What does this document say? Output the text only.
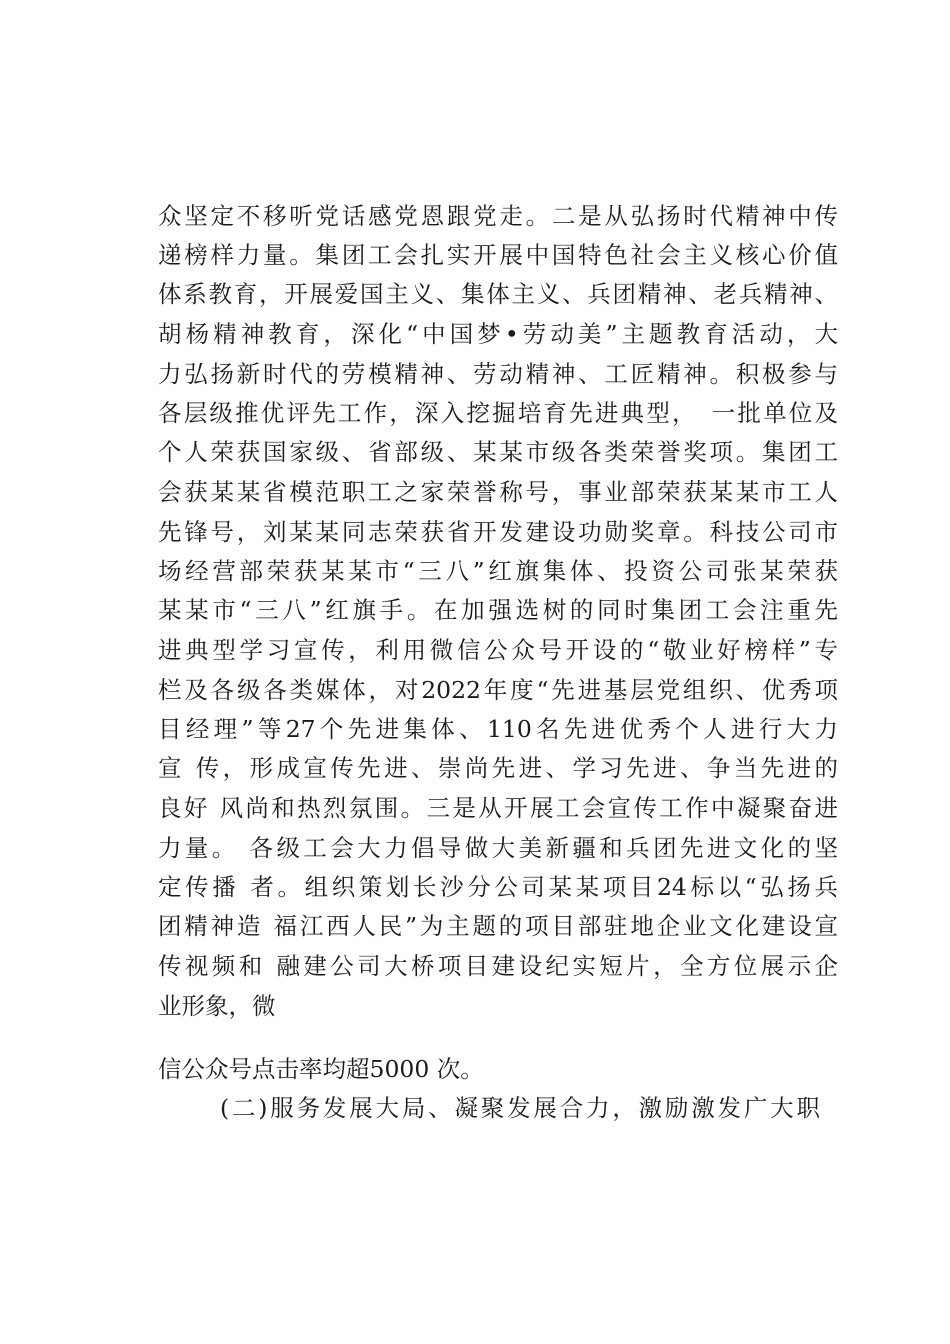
众坚定不移听党话感党恩跟党走。二是从弘扬时代精神中传
递榜样力量。集团工会扎实开展中国特色社会主义核心价值
体系教育，开展爱国主义、集体主义、兵团精神、老兵精神、
胡杨精神教育，深化“中国梦•劳动美”主题教育活动，大
力弘扬新时代的劳模精神、劳动精神、工匠精神。积极参与
各层级推优评先工作，深入挖掘培育先进典型，　一批单位及
个人荣获国家级、省部级、某某市级各类荣誉奖项。集团工
会获某某省模范职工之家荣誉称号，事业部荣获某某市工人
先锋号，刘某某同志荣获省开发建设功勋奖章。科技公司市
场经营部荣获某某市“三八”红旗集体、投资公司张某荣获
某某市“三八”红旗手。在加强选树的同时集团工会注重先
进典型学习宣传，利用微信公众号开设的“敬业好榜样”专
栏及各级各类媒体，对2022年度“先进基层党组织、优秀项
目经理”等27个先进集体、110名先进优秀个人进行大力
宣 传，形成宣传先进、崇尚先进、学习先进、争当先进的
良好 风尚和热烈氛围。三是从开展工会宣传工作中凝聚奋进
力量。 各级工会大力倡导做大美新疆和兵团先进文化的坚
定传播 者。组织策划长沙分公司某某项目24标以“弘扬兵
团精神造 福江西人民”为主题的项目部驻地企业文化建设宣
传视频和 融建公司大桥项目建设纪实短片，全方位展示企
业形象，微
信公众号点击率均超5000 次。
(二)服务发展大局、凝聚发展合力，激励激发广大职
